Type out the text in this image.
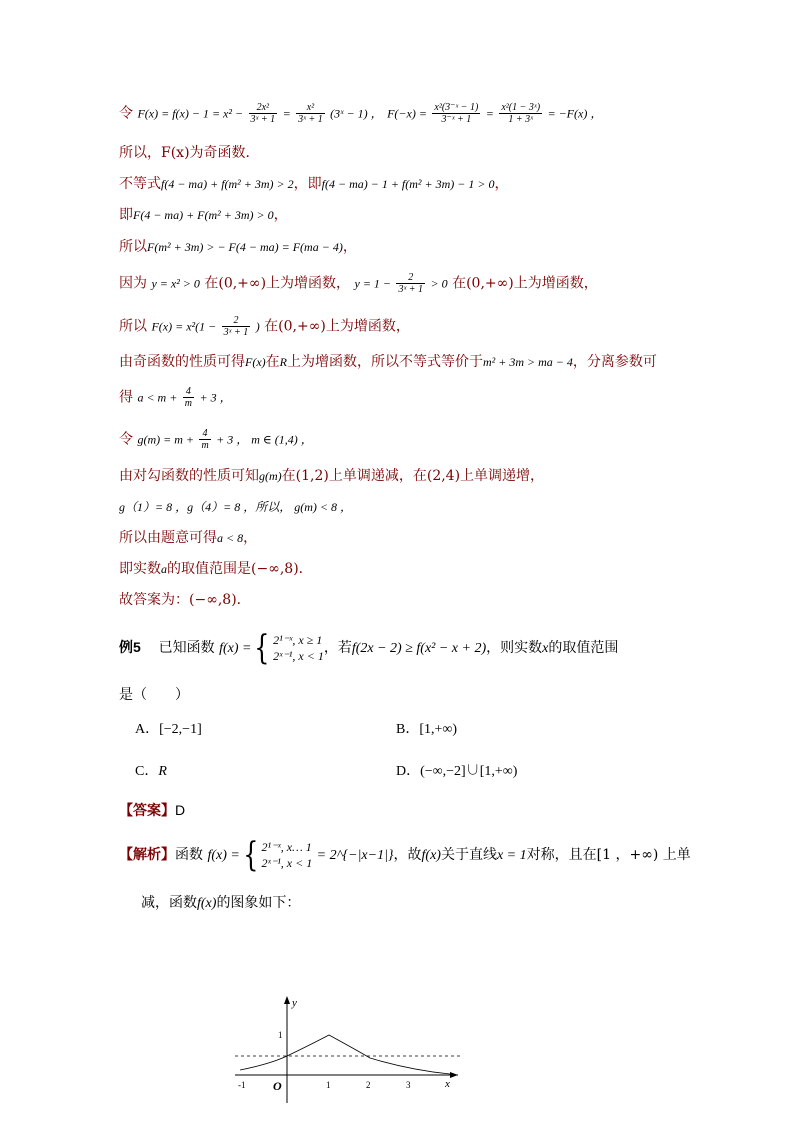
令 $F(x) = f(x) - 1 = x^2 - \frac{\text{2x²}}{\text{3ˣ + 1}} = \frac{\text{x²}}{\text{3ˣ + 1}}$ (3ˣ − 1) ， $F(-x) = \frac{\text{x²(3⁻ˣ − 1)}}{\text{3⁻ˣ + 1}} = \frac{\text{x²(1 − 3ˣ)}}{\text{1 + 3ˣ}} = -F(x)$ ，
所以，F(x)为奇函数．
不等式f(4 − ma) + f(m² + 3m) > 2，即f(4 − ma) − 1 + f(m² + 3m) − 1 > 0，
即F(4 − ma) + F(m² + 3m) > 0，
所以F(m² + 3m) > − F(4 − ma) = F(ma − 4)，
因为 y = x² > 0 在(0,+∞)上为增函数， $y = 1 - \frac{2}{\text{3ˣ + 1}} > 0$ 在(0,+∞)上为增函数，
所以 $F(x) = x^2(1 - \frac{2}{\text{3ˣ + 1}}$ ) 在(0,+∞)上为增函数，
由奇函数的性质可得F(x)在R上为增函数，所以不等式等价于m² + 3m > ma − 4，分离参数可
得 $a < m + \frac{4}{m} + 3$ ，
令 $g(m) = m + \frac{4}{m} + 3$ ， m ∈ (1,4) ，
由对勾函数的性质可知g(m)在(1,2)上单调递减，在(2,4)上单调递增，
g（1）= 8 ，g（4）= 8 ，所以， g(m) < 8 ，
所以由题意可得a < 8，
即实数a的取值范围是(−∞,8)．
故答案为：(−∞,8)．
例5 已知函数 f(x) ={ 2¹⁻ˣ, x ≥ 1
2ˣ⁻¹, x < 1 ，若f(2x − 2) ≥ f(x² − x + 2)，则实数x的取值范围
是（　　）
A．[−2,−1]	B．[1,+∞)
C．R	D．(−∞,−2]∪[1,+∞)
【答案】D
【解析】函数 f(x) ={ 2¹⁻ˣ, x… 1
2ˣ⁻¹, x < 1 = 2^{−|x−1|}，故f(x)关于直线x = 1对称，且在[1 ，+∞) 上单
减，函数f(x)的图象如下：
y
x
O
-1	1	2	3
1
